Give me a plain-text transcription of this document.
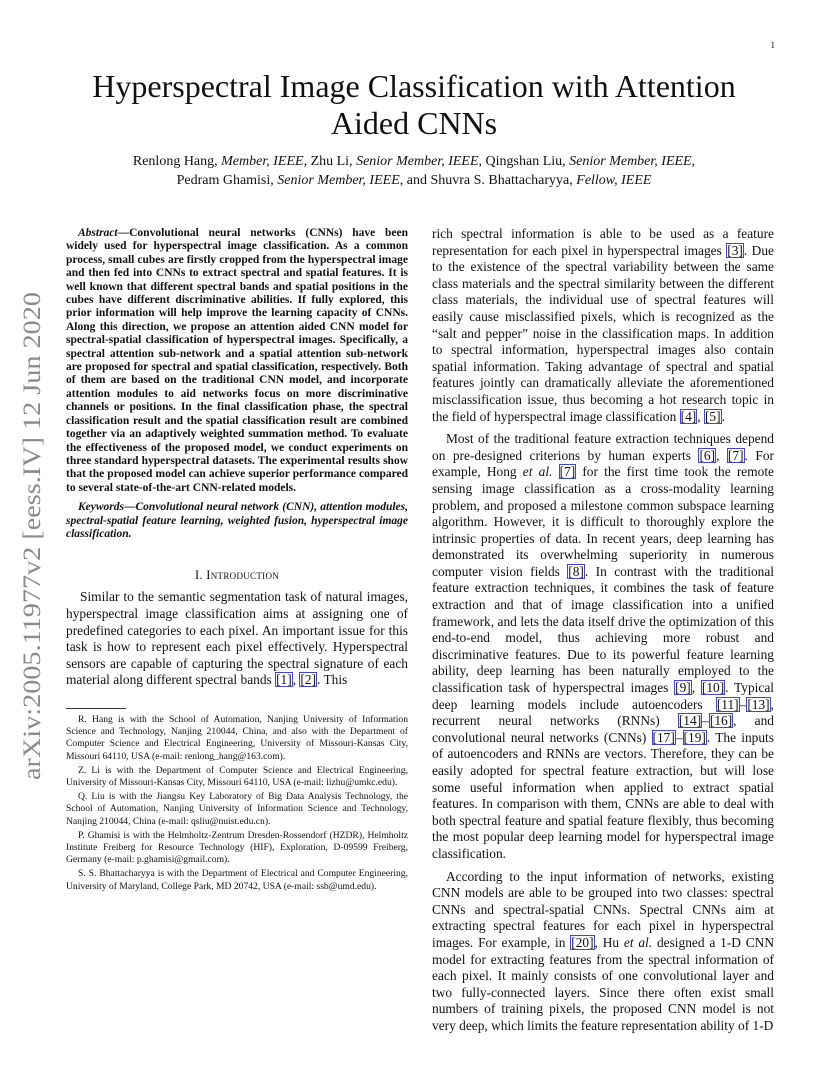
1
arXiv:2005.11977v2 [eess.IV] 12 Jun 2020
Hyperspectral Image Classification with Attention
Aided CNNs
Renlong Hang, Member, IEEE, Zhu Li, Senior Member, IEEE, Qingshan Liu, Senior Member, IEEE,
Pedram Ghamisi, Senior Member, IEEE, and Shuvra S. Bhattacharyya, Fellow, IEEE

Abstract—Convolutional neural networks (CNNs) have been widely used for hyperspectral image classification. As a common process, small cubes are firstly cropped from the hyperspectral image and then fed into CNNs to extract spectral and spatial features. It is well known that different spectral bands and spatial positions in the cubes have different discriminative abilities. If fully explored, this prior information will help improve the learning capacity of CNNs. Along this direction, we propose an attention aided CNN model for spectral-spatial classification of hyperspectral images. Specifically, a spectral attention sub-network and a spatial attention sub-network are proposed for spectral and spatial classification, respectively. Both of them are based on the traditional CNN model, and incorporate attention modules to aid networks focus on more discriminative channels or positions. In the final classification phase, the spectral classification result and the spatial classification result are combined together via an adaptively weighted summation method. To evaluate the effectiveness of the proposed model, we conduct experiments on three standard hyperspectral datasets. The experimental results show that the proposed model can achieve superior performance compared to several state-of-the-art CNN-related models.

Keywords—Convolutional neural network (CNN), attention modules, spectral-spatial feature learning, weighted fusion, hyperspectral image classification.

I. Introduction

Similar to the semantic segmentation task of natural images, hyperspectral image classification aims at assigning one of predefined categories to each pixel. An important issue for this task is how to represent each pixel effectively. Hyperspectral sensors are capable of capturing the spectral signature of each material along different spectral bands [1], [2]. This

R. Hang is with the School of Automation, Nanjing University of Information Science and Technology, Nanjing 210044, China, and also with the Department of Computer Science and Electrical Engineering, University of Missouri-Kansas City, Missouri 64110, USA (e-mail: renlong_hang@163.com).

Z. Li is with the Department of Computer Science and Electrical Engineering, University of Missouri-Kansas City, Missouri 64110, USA (e-mail: lizhu@umkc.edu).

Q. Liu is with the Jiangsu Key Laboratory of Big Data Analysis Technology, the School of Automation, Nanjing University of Information Science and Technology, Nanjing 210044, China (e-mail: qsliu@nuist.edu.cn).

P. Ghamisi is with the Helmholtz-Zentrum Dresden-Rossendorf (HZDR), Helmholtz Institute Freiberg for Resource Technology (HIF), Exploration, D-09599 Freiberg, Germany (e-mail: p.ghamisi@gmail.com).

S. S. Bhattacharyya is with the Department of Electrical and Computer Engineering, University of Maryland, College Park, MD 20742, USA (e-mail: ssb@umd.edu).

rich spectral information is able to be used as a feature representation for each pixel in hyperspectral images [3]. Due to the existence of the spectral variability between the same class materials and the spectral similarity between the different class materials, the individual use of spectral features will easily cause misclassified pixels, which is recognized as the “salt and pepper” noise in the classification maps. In addition to spectral information, hyperspectral images also contain spatial information. Taking advantage of spectral and spatial features jointly can dramatically alleviate the aforementioned misclassification issue, thus becoming a hot research topic in the field of hyperspectral image classification [4], [5].

Most of the traditional feature extraction techniques depend on pre-designed criterions by human experts [6], [7]. For example, Hong et al. [7] for the first time took the remote sensing image classification as a cross-modality learning problem, and proposed a milestone common subspace learning algorithm. However, it is difficult to thoroughly explore the intrinsic properties of data. In recent years, deep learning has demonstrated its overwhelming superiority in numerous computer vision fields [8]. In contrast with the traditional feature extraction techniques, it combines the task of feature extraction and that of image classification into a unified framework, and lets the data itself drive the optimization of this end-to-end model, thus achieving more robust and discriminative features. Due to its powerful feature learning ability, deep learning has been naturally employed to the classification task of hyperspectral images [9], [10]. Typical deep learning models include autoencoders [11]–[13], recurrent neural networks (RNNs) [14]–[16], and convolutional neural networks (CNNs) [17]–[19]. The inputs of autoencoders and RNNs are vectors. Therefore, they can be easily adopted for spectral feature extraction, but will lose some useful information when applied to extract spatial features. In comparison with them, CNNs are able to deal with both spectral feature and spatial feature flexibly, thus becoming the most popular deep learning model for hyperspectral image classification.

According to the input information of networks, existing CNN models are able to be grouped into two classes: spectral CNNs and spectral-spatial CNNs. Spectral CNNs aim at extracting spectral features for each pixel in hyperspectral images. For example, in [20], Hu et al. designed a 1-D CNN model for extracting features from the spectral information of each pixel. It mainly consists of one convolutional layer and two fully-connected layers. Since there often exist small numbers of training pixels, the proposed CNN model is not very deep, which limits the feature representation ability of 1-D
